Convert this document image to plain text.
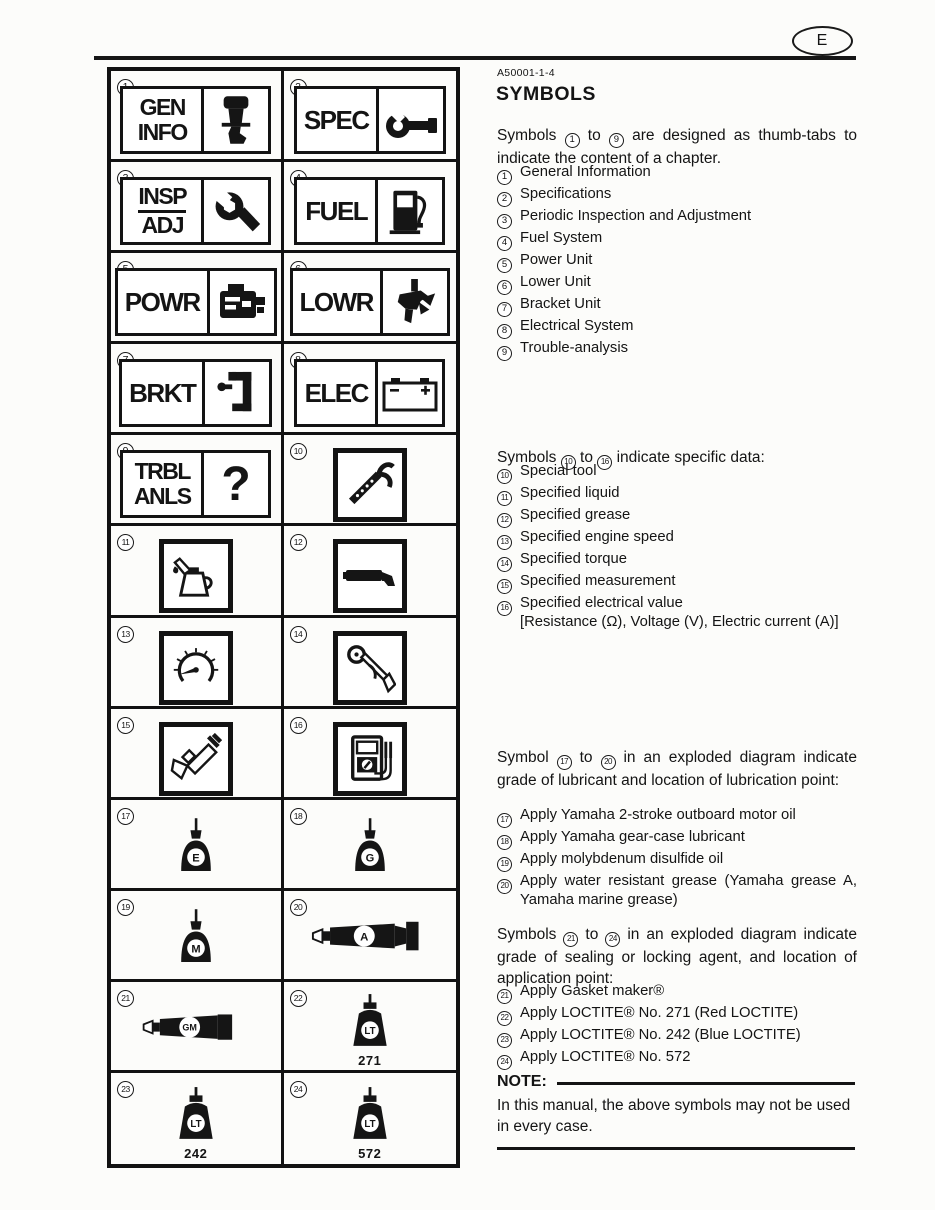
E
GEN
INFO	SPEC
INSP
ADJ	FUEL
POWR	LOWR
BRKT	ELEC
TRBL
ANLS ?
10
11	12
13	14
15	16
17
E
18
G
19
M
20
A
21
GM
22
LT
271
23
LT
242
24
LT
572
A50001-1-4
SYMBOLS

Symbols 1 to 9 are designed as thumb-tabs to indicate the content of a chapter.

1 General Information
2 Specifications
3 Periodic Inspection and Adjustment
4 Fuel System
5 Power Unit
6 Lower Unit
7 Bracket Unit
8 Electrical System
9 Trouble-analysis

Symbols 10 to 16 indicate specific data:

10 Special tool
11 Specified liquid
12 Specified grease
13 Specified engine speed
14 Specified torque
15 Specified measurement
16 Specified electrical value
[Resistance (Ω), Voltage (V), Electric current (A)]

Symbol 17 to 20 in an exploded diagram indicate grade of lubricant and location of lubrication point:

17 Apply Yamaha 2-stroke outboard motor oil
18 Apply Yamaha gear-case lubricant
19 Apply molybdenum disulfide oil
20 Apply water resistant grease (Yamaha grease A, Yamaha marine grease)

Symbols 21 to 24 in an exploded diagram indicate grade of sealing or locking agent, and location of application point:

21 Apply Gasket maker®
22 Apply LOCTITE® No. 271 (Red LOCTITE)
23 Apply LOCTITE® No. 242 (Blue LOCTITE)
24 Apply LOCTITE® No. 572
NOTE:

In this manual, the above symbols may not be used in every case.
